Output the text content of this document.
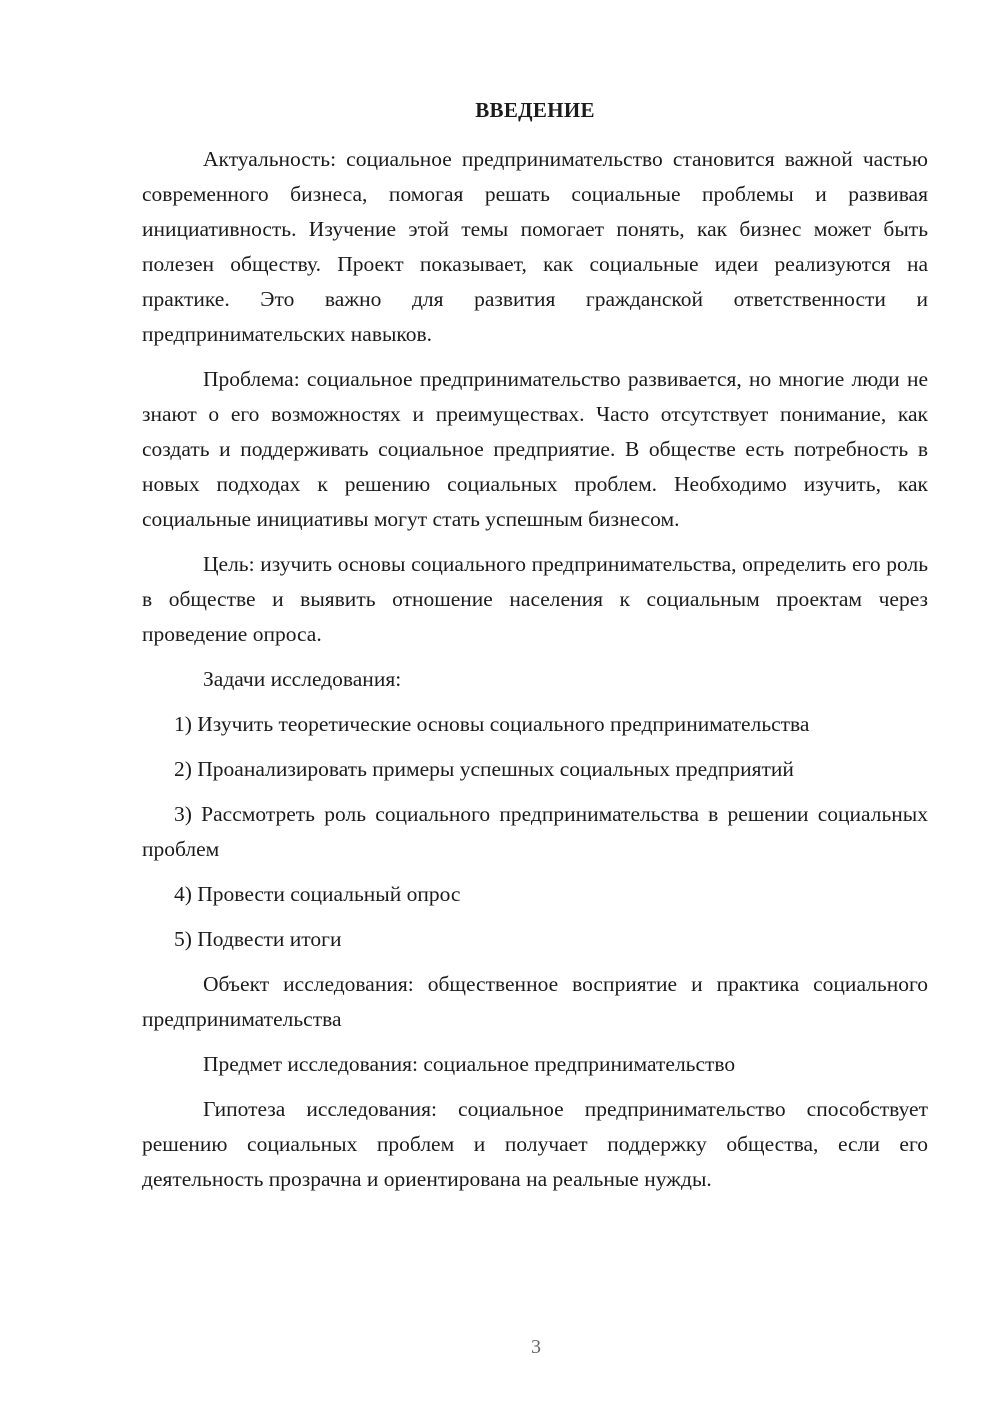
ВВЕДЕНИЕ

Актуальность: социальное предпринимательство становится важной частью современного бизнеса, помогая решать социальные проблемы и развивая инициативность. Изучение этой темы помогает понять, как бизнес может быть полезен обществу. Проект показывает, как социальные идеи реализуются на практике. Это важно для развития гражданской ответственности и предпринимательских навыков.

Проблема: социальное предпринимательство развивается, но многие люди не знают о его возможностях и преимуществах. Часто отсутствует понимание, как создать и поддерживать социальное предприятие. В обществе есть потребность в новых подходах к решению социальных проблем. Необходимо изучить, как социальные инициативы могут стать успешным бизнесом.

Цель: изучить основы социального предпринимательства, определить его роль в обществе и выявить отношение населения к социальным проектам через проведение опроса.

Задачи исследования:

1) Изучить теоретические основы социального предпринимательства

2) Проанализировать примеры успешных социальных предприятий

3) Рассмотреть роль социального предпринимательства в решении социальных проблем

4) Провести социальный опрос

5) Подвести итоги

Объект исследования: общественное восприятие и практика социального предпринимательства

Предмет исследования: социальное предпринимательство

Гипотеза исследования: социальное предпринимательство способствует решению социальных проблем и получает поддержку общества, если его деятельность прозрачна и ориентирована на реальные нужды.

3
